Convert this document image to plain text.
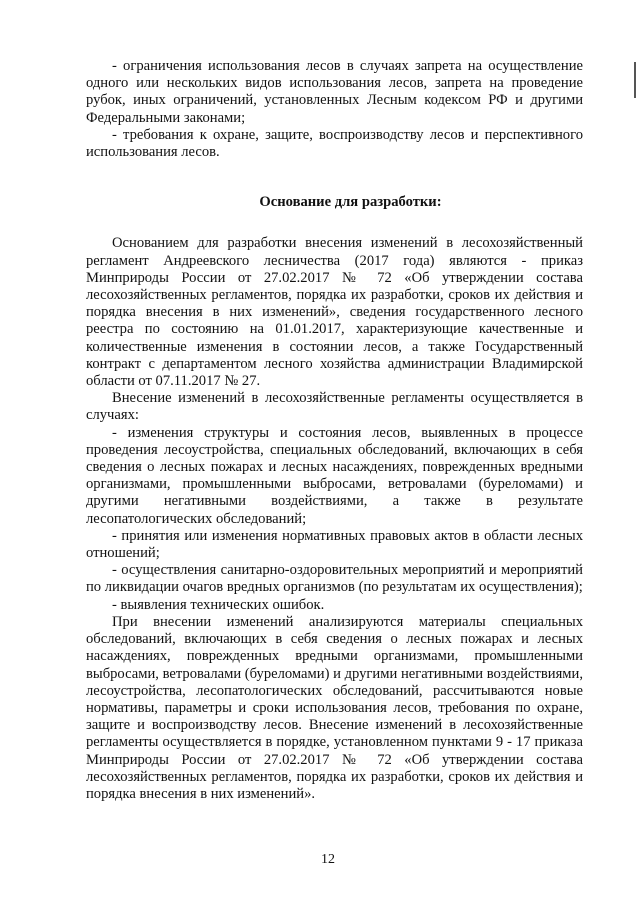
- ограничения использования лесов в случаях запрета на осуществление одного или нескольких видов использования лесов, запрета на проведение рубок, иных ограничений, установленных Лесным кодексом РФ и другими Федеральными законами;

- требования к охране, защите, воспроизводству лесов и перспективного использования лесов.

Основание для разработки:

Основанием для разработки внесения изменений в лесохозяйственный регламент Андреевского лесничества (2017 года) являются - приказ Минприроды России от 27.02.2017 № 72 «Об утверждении состава лесохозяйственных регламентов, порядка их разработки, сроков их действия и порядка внесения в них изменений», сведения государственного лесного реестра по состоянию на 01.01.2017, характеризующие качественные и количественные изменения в состоянии лесов, а также Государственный контракт с департаментом лесного хозяйства администрации Владимирской области от 07.11.2017 № 27.

Внесение изменений в лесохозяйственные регламенты осуществляется в случаях:

- изменения структуры и состояния лесов, выявленных в процессе проведения лесоустройства, специальных обследований, включающих в себя сведения о лесных пожарах и лесных насаждениях, поврежденных вредными организмами, промышленными выбросами, ветровалами (буреломами) и другими негативными воздействиями, а также в результате лесопатологических обследований;

- принятия или изменения нормативных правовых актов в области лесных отношений;

- осуществления санитарно-оздоровительных мероприятий и мероприятий по ликвидации очагов вредных организмов (по результатам их осуществления);

- выявления технических ошибок.

При внесении изменений анализируются материалы специальных обследований, включающих в себя сведения о лесных пожарах и лесных насаждениях, поврежденных вредными организмами, промышленными выбросами, ветровалами (буреломами) и другими негативными воздействиями, лесоустройства, лесопатологических обследований, рассчитываются новые нормативы, параметры и сроки использования лесов, требования по охране, защите и воспроизводству лесов. Внесение изменений в лесохозяйственные регламенты осуществляется в порядке, установленном пунктами 9 - 17 приказа Минприроды России от 27.02.2017 № 72 «Об утверждении состава лесохозяйственных регламентов, порядка их разработки, сроков их действия и порядка внесения в них изменений».

12
